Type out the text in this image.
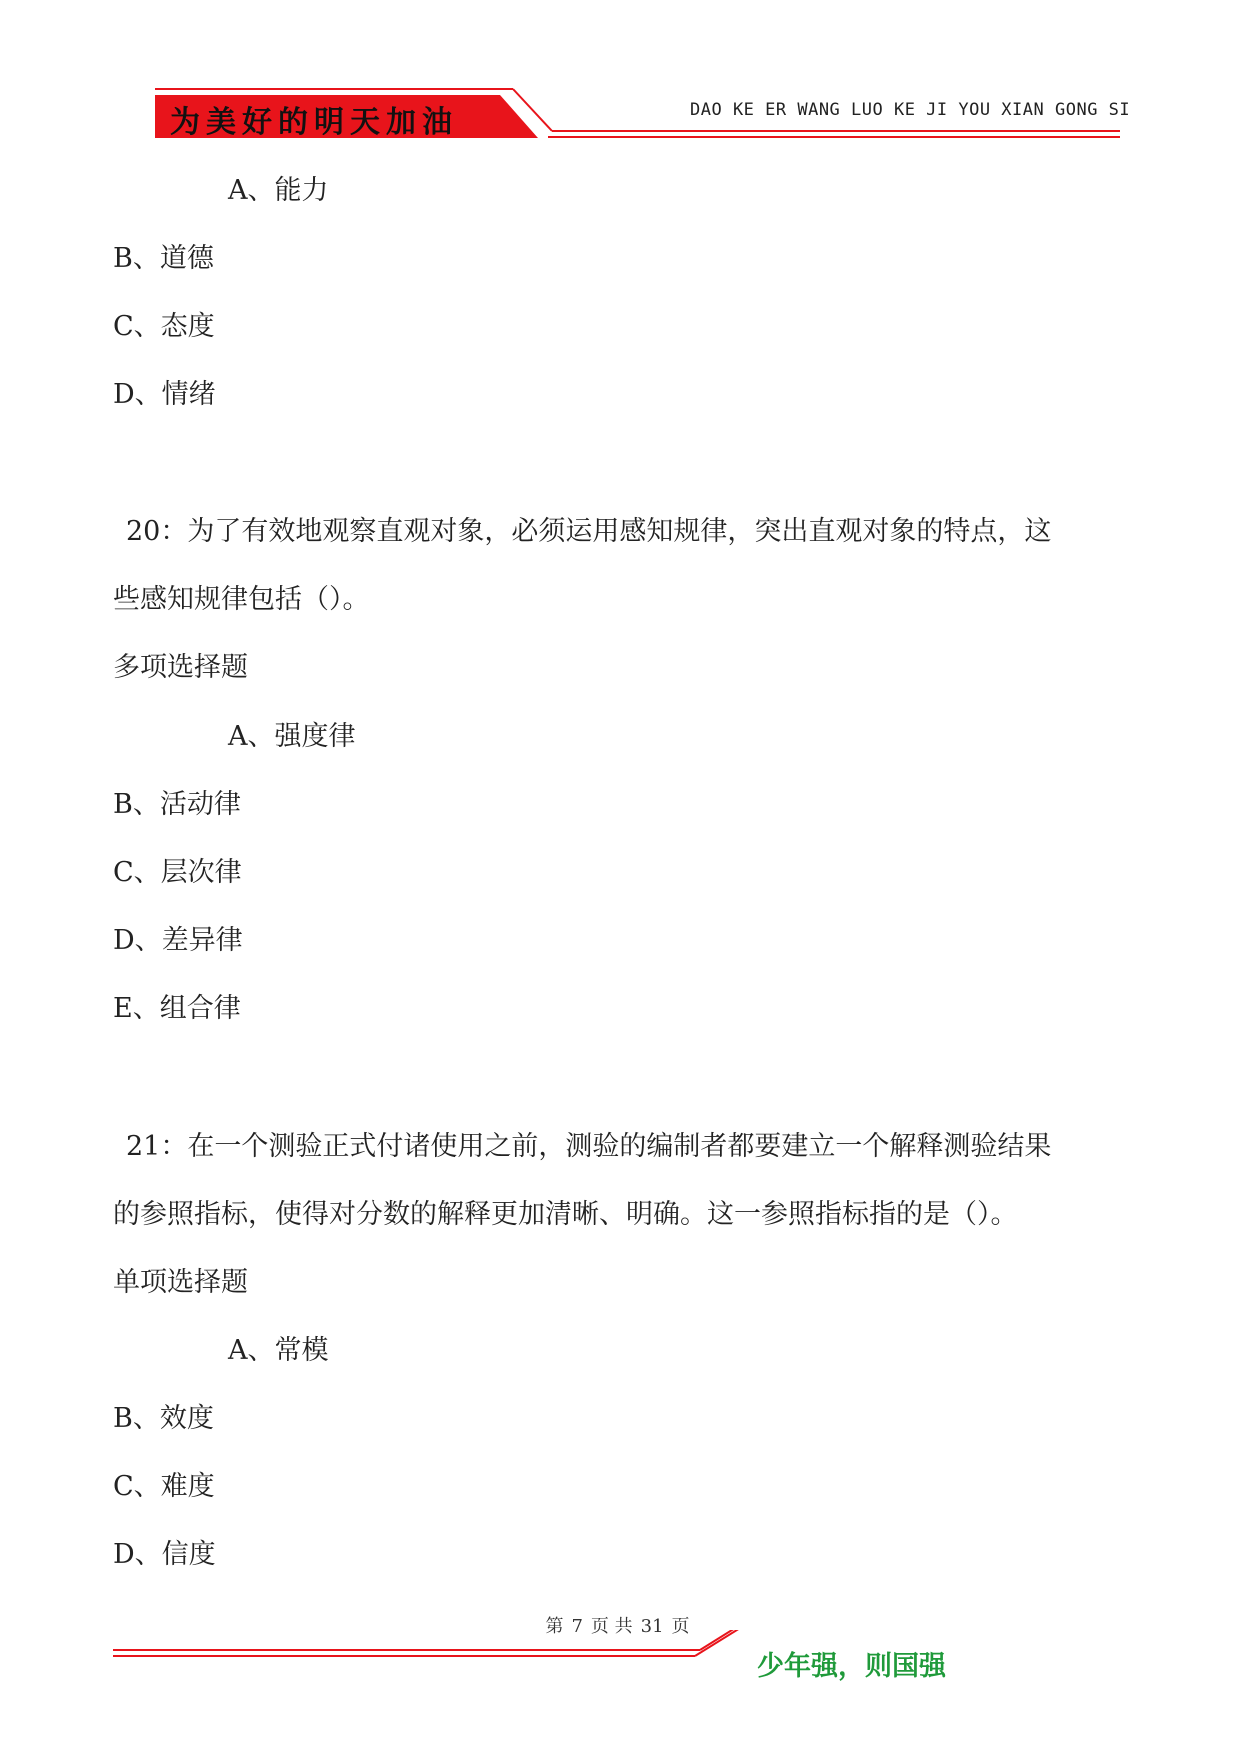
为美好的明天加油	DAO KE ER WANG LUO KE JI YOU XIAN GONG SI
A、能力
B、道德
C、态度
D、情绪
20：为了有效地观察直观对象，必须运用感知规律，突出直观对象的特点，这
些感知规律包括（）。
多项选择题
A、强度律
B、活动律
C、层次律
D、差异律
E、组合律
21：在一个测验正式付诸使用之前，测验的编制者都要建立一个解释测验结果
的参照指标，使得对分数的解释更加清晰、明确。这一参照指标指的是（）。
单项选择题
A、常模
B、效度
C、难度
D、信度
第 7 页 共 31 页
少年强，则国强
